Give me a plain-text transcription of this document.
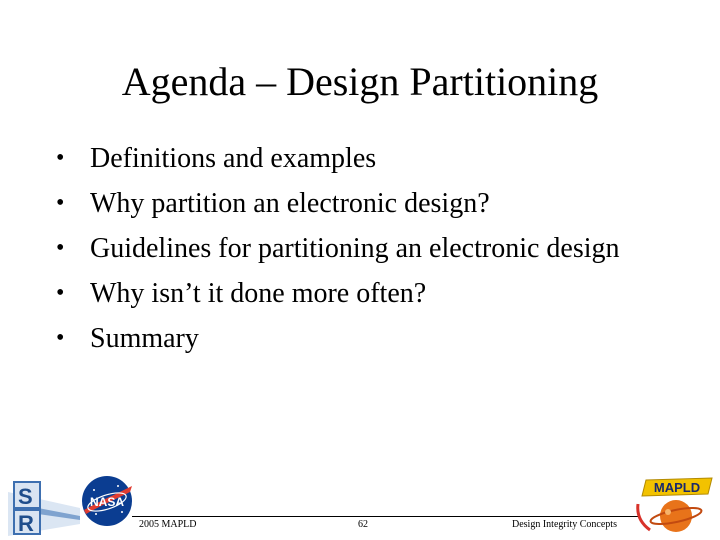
Agenda – Design Partitioning
• Definitions and examples
• Why partition an electronic design?
• Guidelines for partitioning an electronic design
• Why isn’t it done more often?
• Summary
S
R
NASA
2005 MAPLD	62	Design Integrity Concepts
MAPLD
